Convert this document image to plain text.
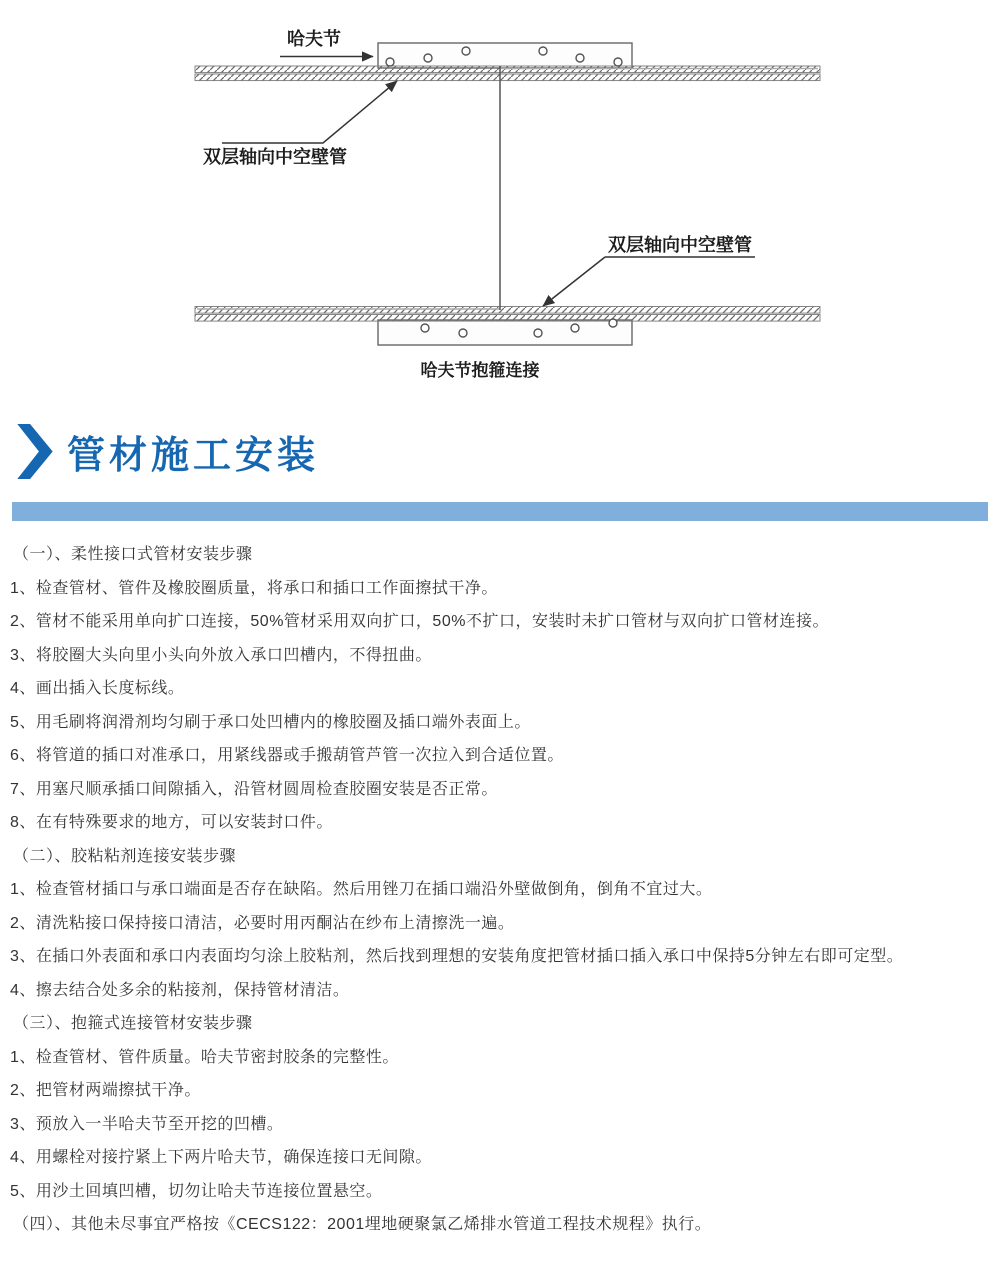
哈夫节
双层轴向中空壁管
双层轴向中空壁管
哈夫节抱箍连接
管材施工安装
（一）、柔性接口式管材安装步骤
1、检查管材、管件及橡胶圈质量，将承口和插口工作面擦拭干净。
2、管材不能采用单向扩口连接，50%管材采用双向扩口，50%不扩口，安装时未扩口管材与双向扩口管材连接。
3、将胶圈大头向里小头向外放入承口凹槽内，不得扭曲。
4、画出插入长度标线。
5、用毛刷将润滑剂均匀刷于承口处凹槽内的橡胶圈及插口端外表面上。
6、将管道的插口对准承口，用紧线器或手搬葫管芦管一次拉入到合适位置。
7、用塞尺顺承插口间隙插入，沿管材圆周检查胶圈安装是否正常。
8、在有特殊要求的地方，可以安装封口件。
（二）、胶粘粘剂连接安装步骤
1、检查管材插口与承口端面是否存在缺陷。然后用锉刀在插口端沿外壁做倒角，倒角不宜过大。
2、清洗粘接口保持接口清洁，必要时用丙酮沾在纱布上清擦洗一遍。
3、在插口外表面和承口内表面均匀涂上胶粘剂，然后找到理想的安装角度把管材插口插入承口中保持5分钟左右即可定型。
4、擦去结合处多余的粘接剂，保持管材清洁。
（三）、抱箍式连接管材安装步骤
1、检查管材、管件质量。哈夫节密封胶条的完整性。
2、把管材两端擦拭干净。
3、预放入一半哈夫节至开挖的凹槽。
4、用螺栓对接拧紧上下两片哈夫节，确保连接口无间隙。
5、用沙土回填凹槽，切勿让哈夫节连接位置悬空。
（四）、其他未尽事宜严格按《CECS122：2001埋地硬聚氯乙烯排水管道工程技术规程》执行。
